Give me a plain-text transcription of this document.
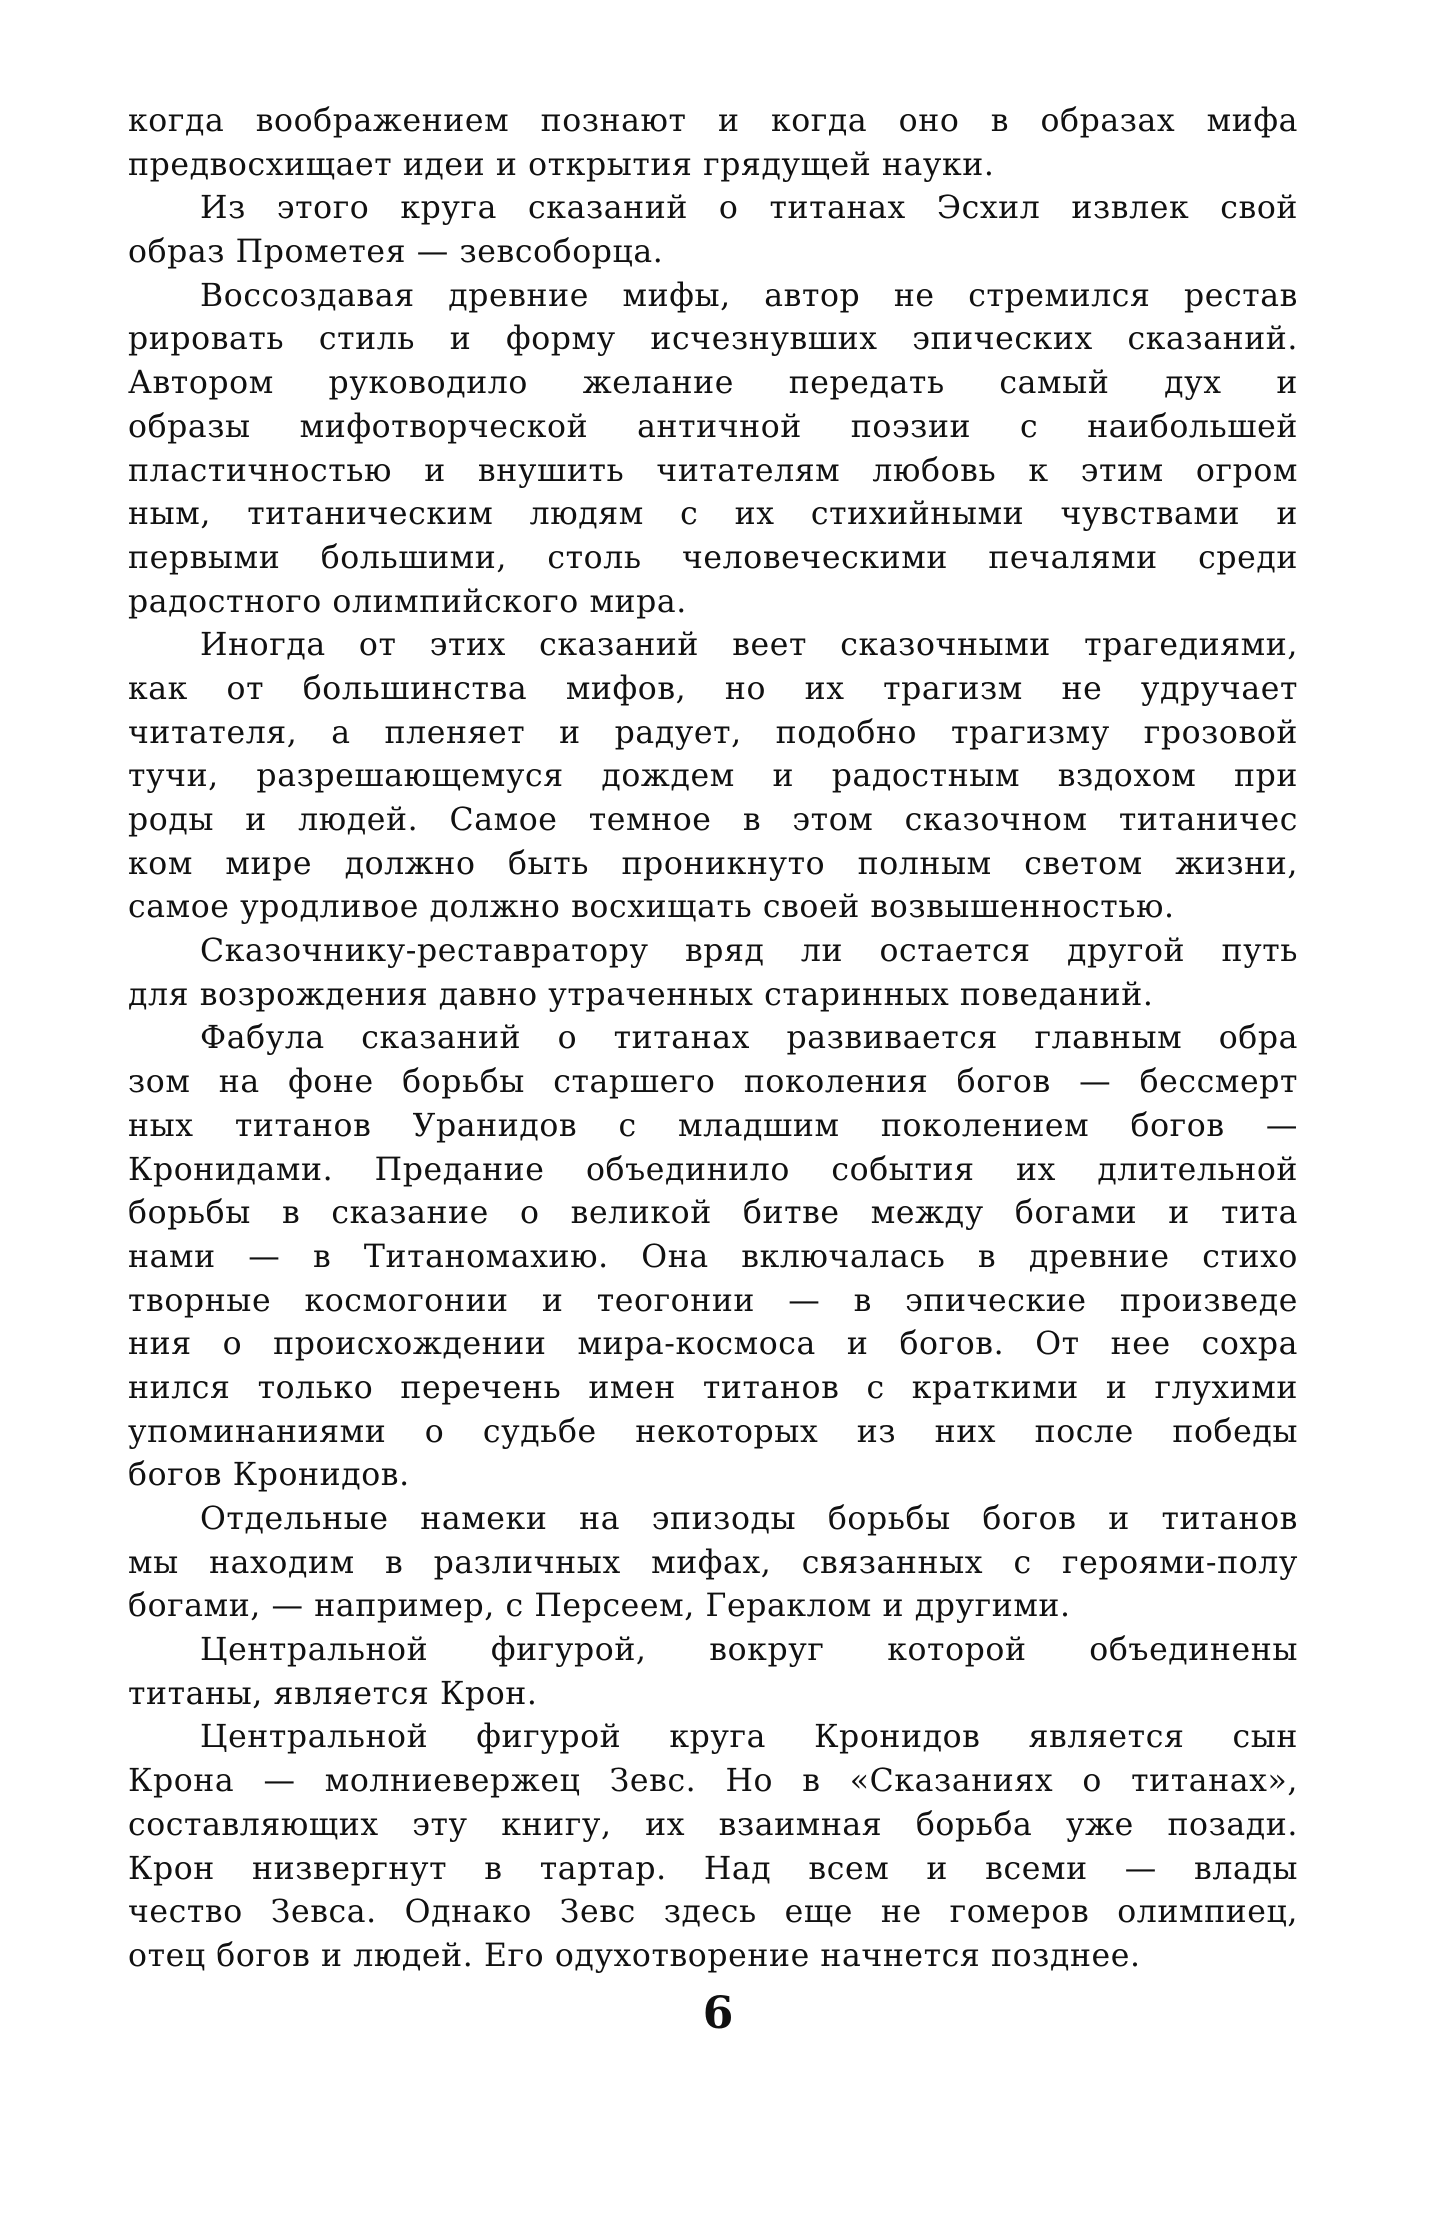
когда воображением познают и когда оно в образах мифа
предвосхищает идеи и открытия грядущей науки.
Из этого круга сказаний о титанах Эсхил извлек свой
образ Прометея — зевсоборца.
Воссоздавая древние мифы, автор не стремился рестав
рировать стиль и форму исчезнувших эпических сказаний.
Автором руководило желание передать самый дух и
образы мифотворческой античной поэзии с наибольшей
пластичностью и внушить читателям любовь к этим огром
ным, титаническим людям с их стихийными чувствами и
первыми большими, столь человеческими печалями среди
радостного олимпийского мира.
Иногда от этих сказаний веет сказочными трагедиями,
как от большинства мифов, но их трагизм не удручает
читателя, а пленяет и радует, подобно трагизму грозовой
тучи, разрешающемуся дождем и радостным вздохом при
роды и людей. Самое темное в этом сказочном титаничес
ком мире должно быть проникнуто полным светом жизни,
самое уродливое должно восхищать своей возвышенностью.
Сказочнику-реставратору вряд ли остается другой путь
для возрождения давно утраченных старинных поведаний.
Фабула сказаний о титанах развивается главным обра
зом на фоне борьбы старшего поколения богов — бессмерт
ных титанов Уранидов с младшим поколением богов —
Кронидами. Предание объединило события их длительной
борьбы в сказание о великой битве между богами и тита
нами — в Титаномахию. Она включалась в древние стихо
творные космогонии и теогонии — в эпические произведе
ния о происхождении мира-космоса и богов. От нее сохра
нился только перечень имен титанов с краткими и глухими
упоминаниями о судьбе некоторых из них после победы
богов Кронидов.
Отдельные намеки на эпизоды борьбы богов и титанов
мы находим в различных мифах, связанных с героями-полу
богами, — например, с Персеем, Гераклом и другими.
Центральной фигурой, вокруг которой объединены
титаны, является Крон.
Центральной фигурой круга Кронидов является сын
Крона — молниевержец Зевс. Но в «Сказаниях о титанах»,
составляющих эту книгу, их взаимная борьба уже позади.
Крон низвергнут в тартар. Над всем и всеми — влады
чество Зевса. Однако Зевс здесь еще не гомеров олимпиец,
отец богов и людей. Его одухотворение начнется позднее.
6
